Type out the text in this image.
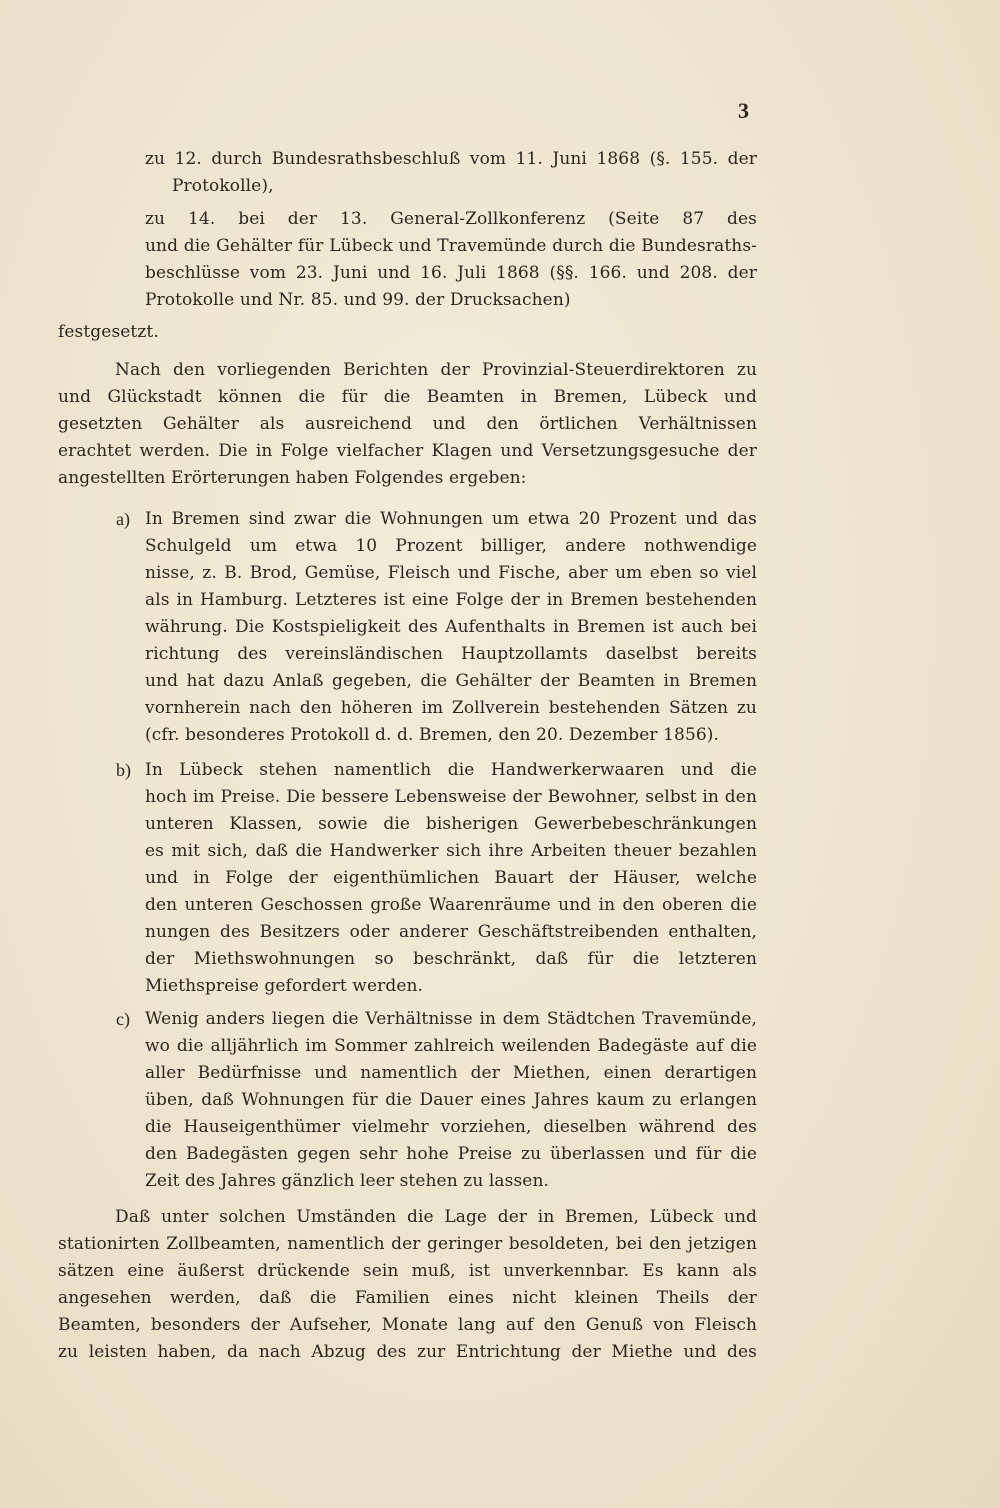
3
zu 12. durch Bundesrathsbeschluß vom 11. Juni 1868 (§. 155. der
Protokolle),
zu 14. bei der 13. General-Zollkonferenz (Seite 87 des
und die Gehälter für Lübeck und Travemünde durch die Bundesraths-
beschlüsse vom 23. Juni und 16. Juli 1868 (§§. 166. und 208. der
Protokolle und Nr. 85. und 99. der Drucksachen)
festgesetzt.
Nach den vorliegenden Berichten der Provinzial-Steuerdirektoren zu
und Glückstadt können die für die Beamten in Bremen, Lübeck und
gesetzten Gehälter als ausreichend und den örtlichen Verhältnissen
erachtet werden. Die in Folge vielfacher Klagen und Versetzungsgesuche der
angestellten Erörterungen haben Folgendes ergeben:
a) In Bremen sind zwar die Wohnungen um etwa 20 Prozent und das
Schulgeld um etwa 10 Prozent billiger, andere nothwendige
nisse, z. B. Brod, Gemüse, Fleisch und Fische, aber um eben so viel
als in Hamburg. Letzteres ist eine Folge der in Bremen bestehenden
währung. Die Kostspieligkeit des Aufenthalts in Bremen ist auch bei
richtung des vereinsländischen Hauptzollamts daselbst bereits
und hat dazu Anlaß gegeben, die Gehälter der Beamten in Bremen
vornherein nach den höheren im Zollverein bestehenden Sätzen zu
(cfr. besonderes Protokoll d. d. Bremen, den 20. Dezember 1856).
b) In Lübeck stehen namentlich die Handwerkerwaaren und die
hoch im Preise. Die bessere Lebensweise der Bewohner, selbst in den
unteren Klassen, sowie die bisherigen Gewerbebeschränkungen
es mit sich, daß die Handwerker sich ihre Arbeiten theuer bezahlen
und in Folge der eigenthümlichen Bauart der Häuser, welche
den unteren Geschossen große Waarenräume und in den oberen die
nungen des Besitzers oder anderer Geschäftstreibenden enthalten,
der Miethswohnungen so beschränkt, daß für die letzteren
Miethspreise gefordert werden.
c) Wenig anders liegen die Verhältnisse in dem Städtchen Travemünde,
wo die alljährlich im Sommer zahlreich weilenden Badegäste auf die
aller Bedürfnisse und namentlich der Miethen, einen derartigen
üben, daß Wohnungen für die Dauer eines Jahres kaum zu erlangen
die Hauseigenthümer vielmehr vorziehen, dieselben während des
den Badegästen gegen sehr hohe Preise zu überlassen und für die
Zeit des Jahres gänzlich leer stehen zu lassen.
Daß unter solchen Umständen die Lage der in Bremen, Lübeck und
stationirten Zollbeamten, namentlich der geringer besoldeten, bei den jetzigen
sätzen eine äußerst drückende sein muß, ist unverkennbar. Es kann als
angesehen werden, daß die Familien eines nicht kleinen Theils der
Beamten, besonders der Aufseher, Monate lang auf den Genuß von Fleisch
zu leisten haben, da nach Abzug des zur Entrichtung der Miethe und des
